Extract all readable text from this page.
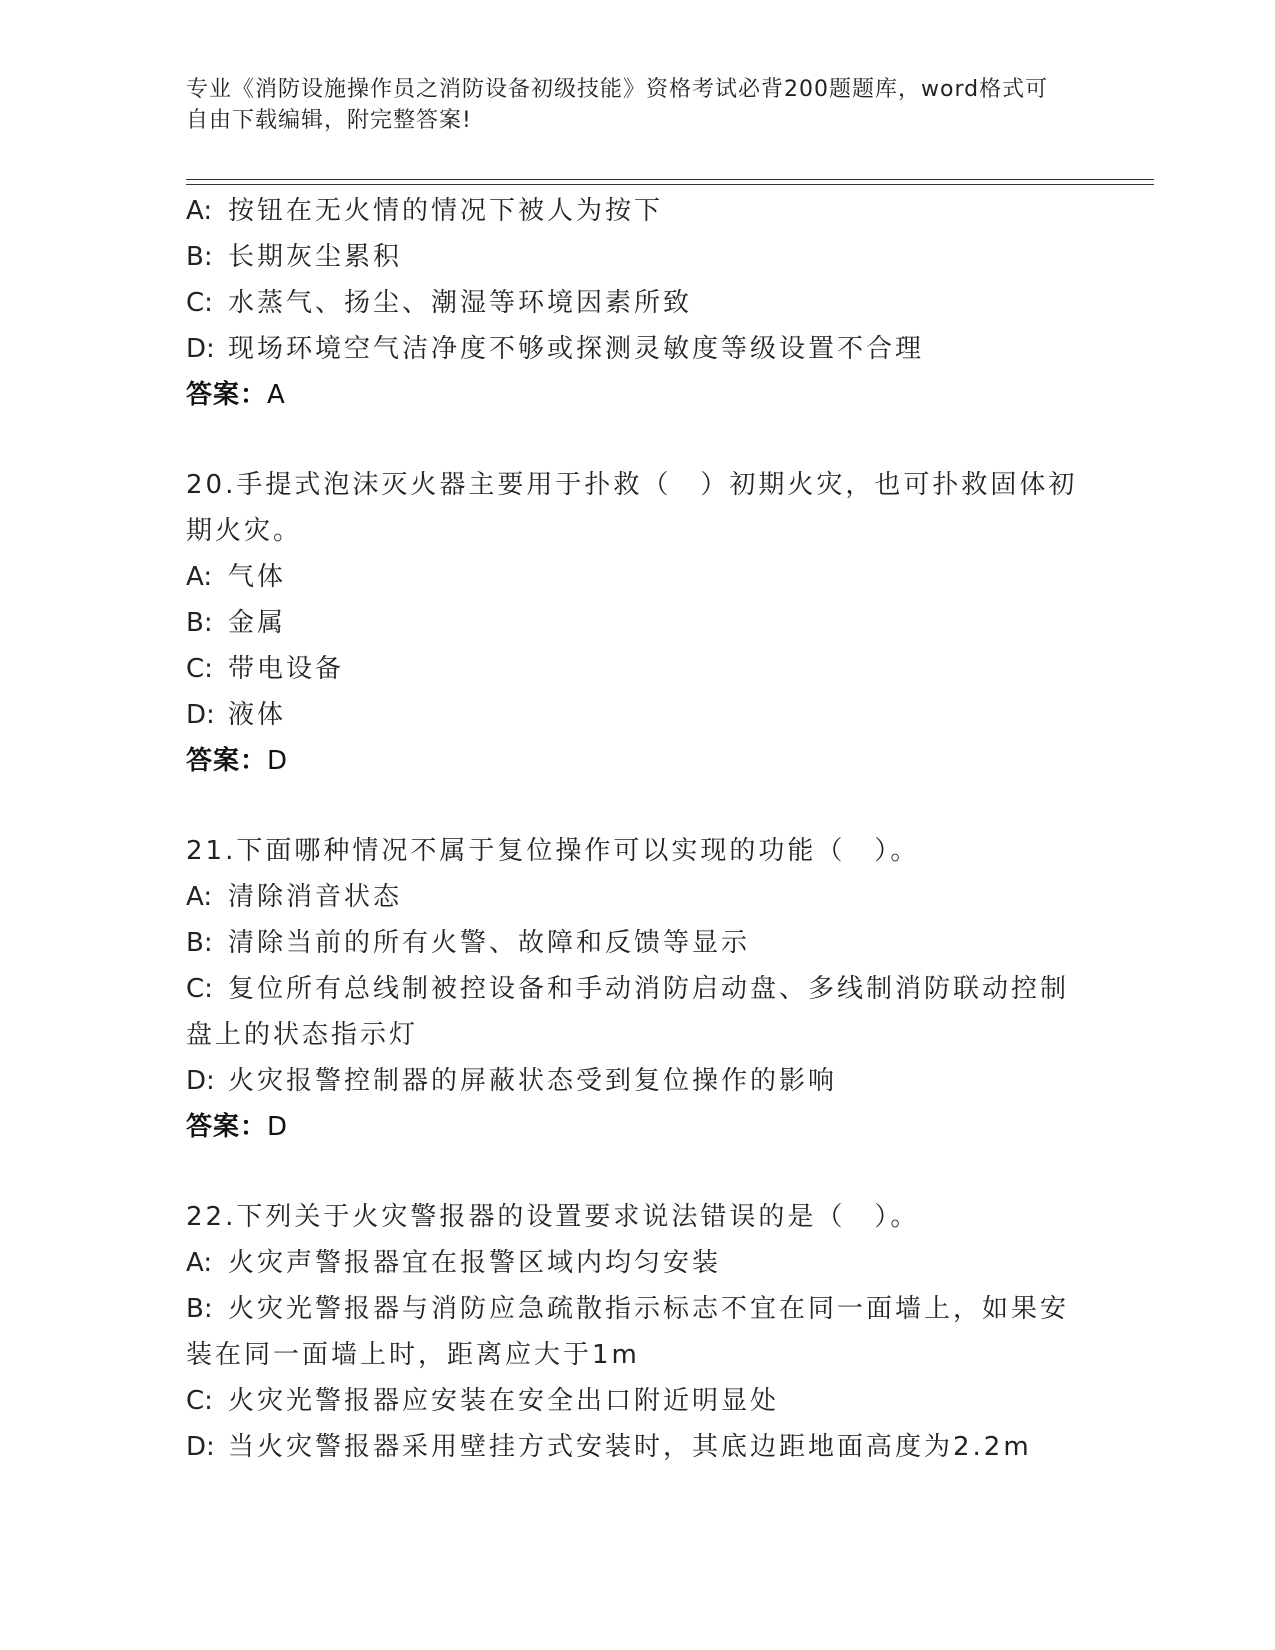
专业《消防设施操作员之消防设备初级技能》资格考试必背200题题库，word格式可自由下载编辑，附完整答案!
A: 按钮在无火情的情况下被人为按下
B: 长期灰尘累积
C: 水蒸气、扬尘、潮湿等环境因素所致
D: 现场环境空气洁净度不够或探测灵敏度等级设置不合理
答案：A
20.手提式泡沫灭火器主要用于扑救（　）初期火灾，也可扑救固体初期火灾。
A: 气体
B: 金属
C: 带电设备
D: 液体
答案：D
21.下面哪种情况不属于复位操作可以实现的功能（　）。
A: 清除消音状态
B: 清除当前的所有火警、故障和反馈等显示
C: 复位所有总线制被控设备和手动消防启动盘、多线制消防联动控制盘上的状态指示灯
D: 火灾报警控制器的屏蔽状态受到复位操作的影响
答案：D
22.下列关于火灾警报器的设置要求说法错误的是（　）。
A: 火灾声警报器宜在报警区域内均匀安装
B: 火灾光警报器与消防应急疏散指示标志不宜在同一面墙上，如果安装在同一面墙上时，距离应大于1m
C: 火灾光警报器应安装在安全出口附近明显处
D: 当火灾警报器采用壁挂方式安装时，其底边距地面高度为2.2m
